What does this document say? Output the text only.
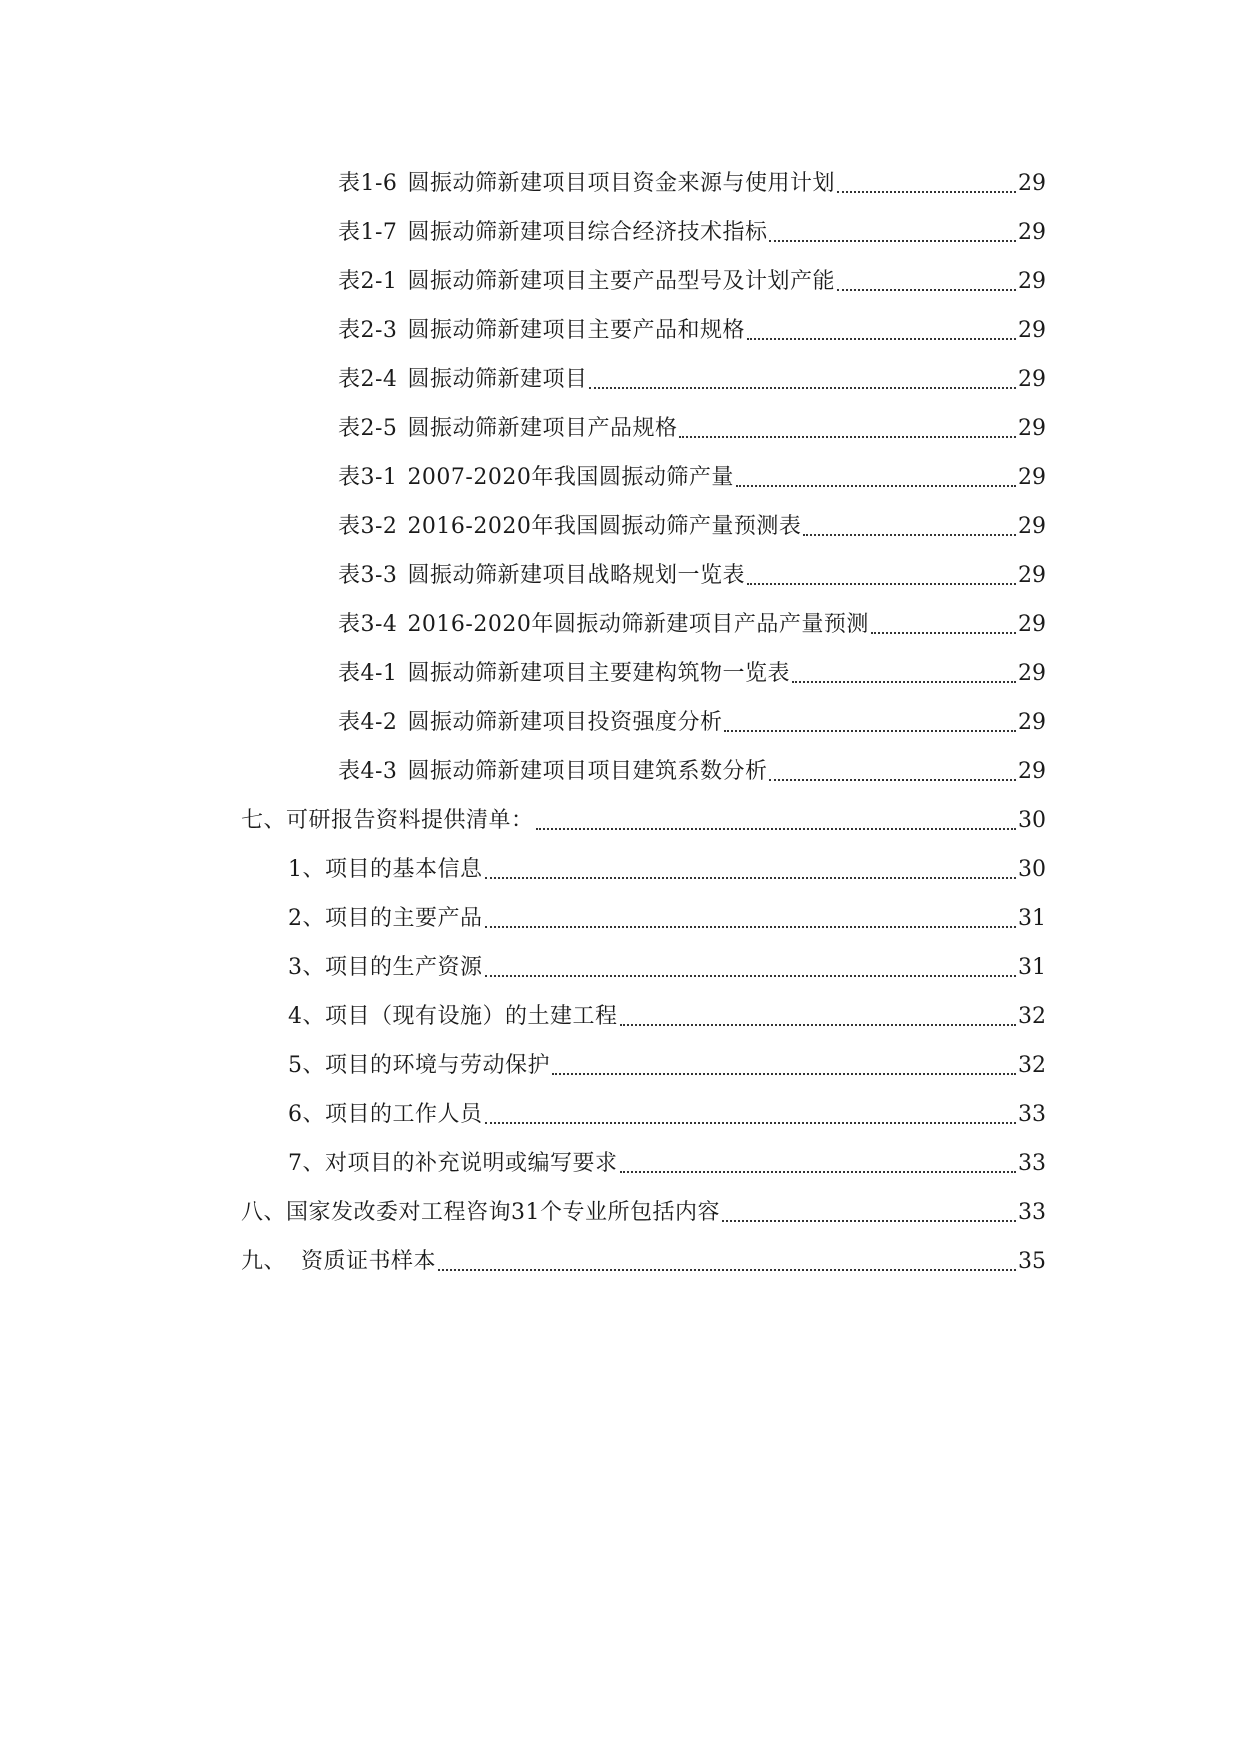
表1-6 圆振动筛新建项目项目资金来源与使用计划	29
表1-7 圆振动筛新建项目综合经济技术指标	29
表2-1 圆振动筛新建项目主要产品型号及计划产能	29
表2-3 圆振动筛新建项目主要产品和规格	29
表2-4 圆振动筛新建项目	29
表2-5 圆振动筛新建项目产品规格	29
表3-1 2007-2020年我国圆振动筛产量	29
表3-2 2016-2020年我国圆振动筛产量预测表	29
表3-3 圆振动筛新建项目战略规划一览表	29
表3-4 2016-2020年圆振动筛新建项目产品产量预测	29
表4-1 圆振动筛新建项目主要建构筑物一览表	29
表4-2 圆振动筛新建项目投资强度分析	29
表4-3 圆振动筛新建项目项目建筑系数分析	29
七、可研报告资料提供清单：	30
1、项目的基本信息	30
2、项目的主要产品	31
3、项目的生产资源	31
4、项目（现有设施）的土建工程	32
5、项目的环境与劳动保护	32
6、项目的工作人员	33
7、对项目的补充说明或编写要求	33
八、国家发改委对工程咨询31个专业所包括内容	33
九、  资质证书样本	35
